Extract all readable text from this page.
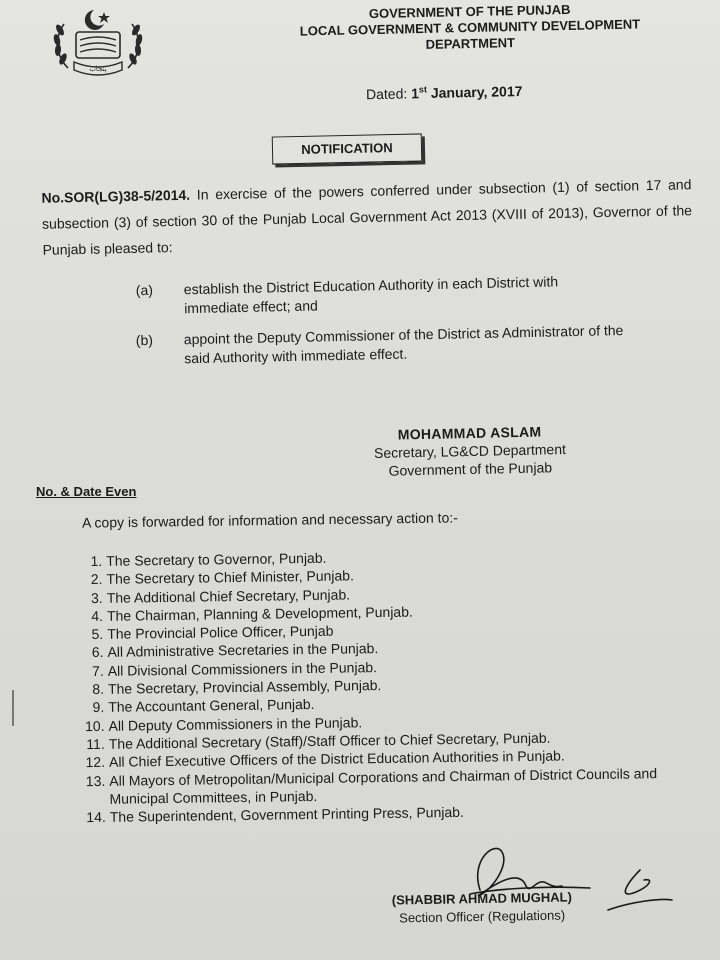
پنجاب
GOVERNMENT OF THE PUNJAB
LOCAL GOVERNMENT & COMMUNITY DEVELOPMENT
DEPARTMENT
Dated: 1st January, 2017
NOTIFICATION
No.SOR(LG)38-5/2014. In exercise of the powers conferred under subsection (1) of section 17 and subsection (3) of section 30 of the Punjab Local Government Act 2013 (XVIII of 2013), Governor of the Punjab is pleased to:
(a) establish the District Education Authority in each District with immediate effect; and
(b) appoint the Deputy Commissioner of the District as Administrator of the said Authority with immediate effect.
MOHAMMAD ASLAM
Secretary, LG&CD Department
Government of the Punjab
No. & Date Even
A copy is forwarded for information and necessary action to:-
1. The Secretary to Governor, Punjab.
2. The Secretary to Chief Minister, Punjab.
3. The Additional Chief Secretary, Punjab.
4. The Chairman, Planning & Development, Punjab.
5. The Provincial Police Officer, Punjab
6. All Administrative Secretaries in the Punjab.
7. All Divisional Commissioners in the Punjab.
8. The Secretary, Provincial Assembly, Punjab.
9. The Accountant General, Punjab.
10. All Deputy Commissioners in the Punjab.
11. The Additional Secretary (Staff)/Staff Officer to Chief Secretary, Punjab.
12. All Chief Executive Officers of the District Education Authorities in Punjab.
13. All Mayors of Metropolitan/Municipal Corporations and Chairman of District Councils and Municipal Committees, in Punjab.
14. The Superintendent, Government Printing Press, Punjab.
(SHABBIR AHMAD MUGHAL)
Section Officer (Regulations)
